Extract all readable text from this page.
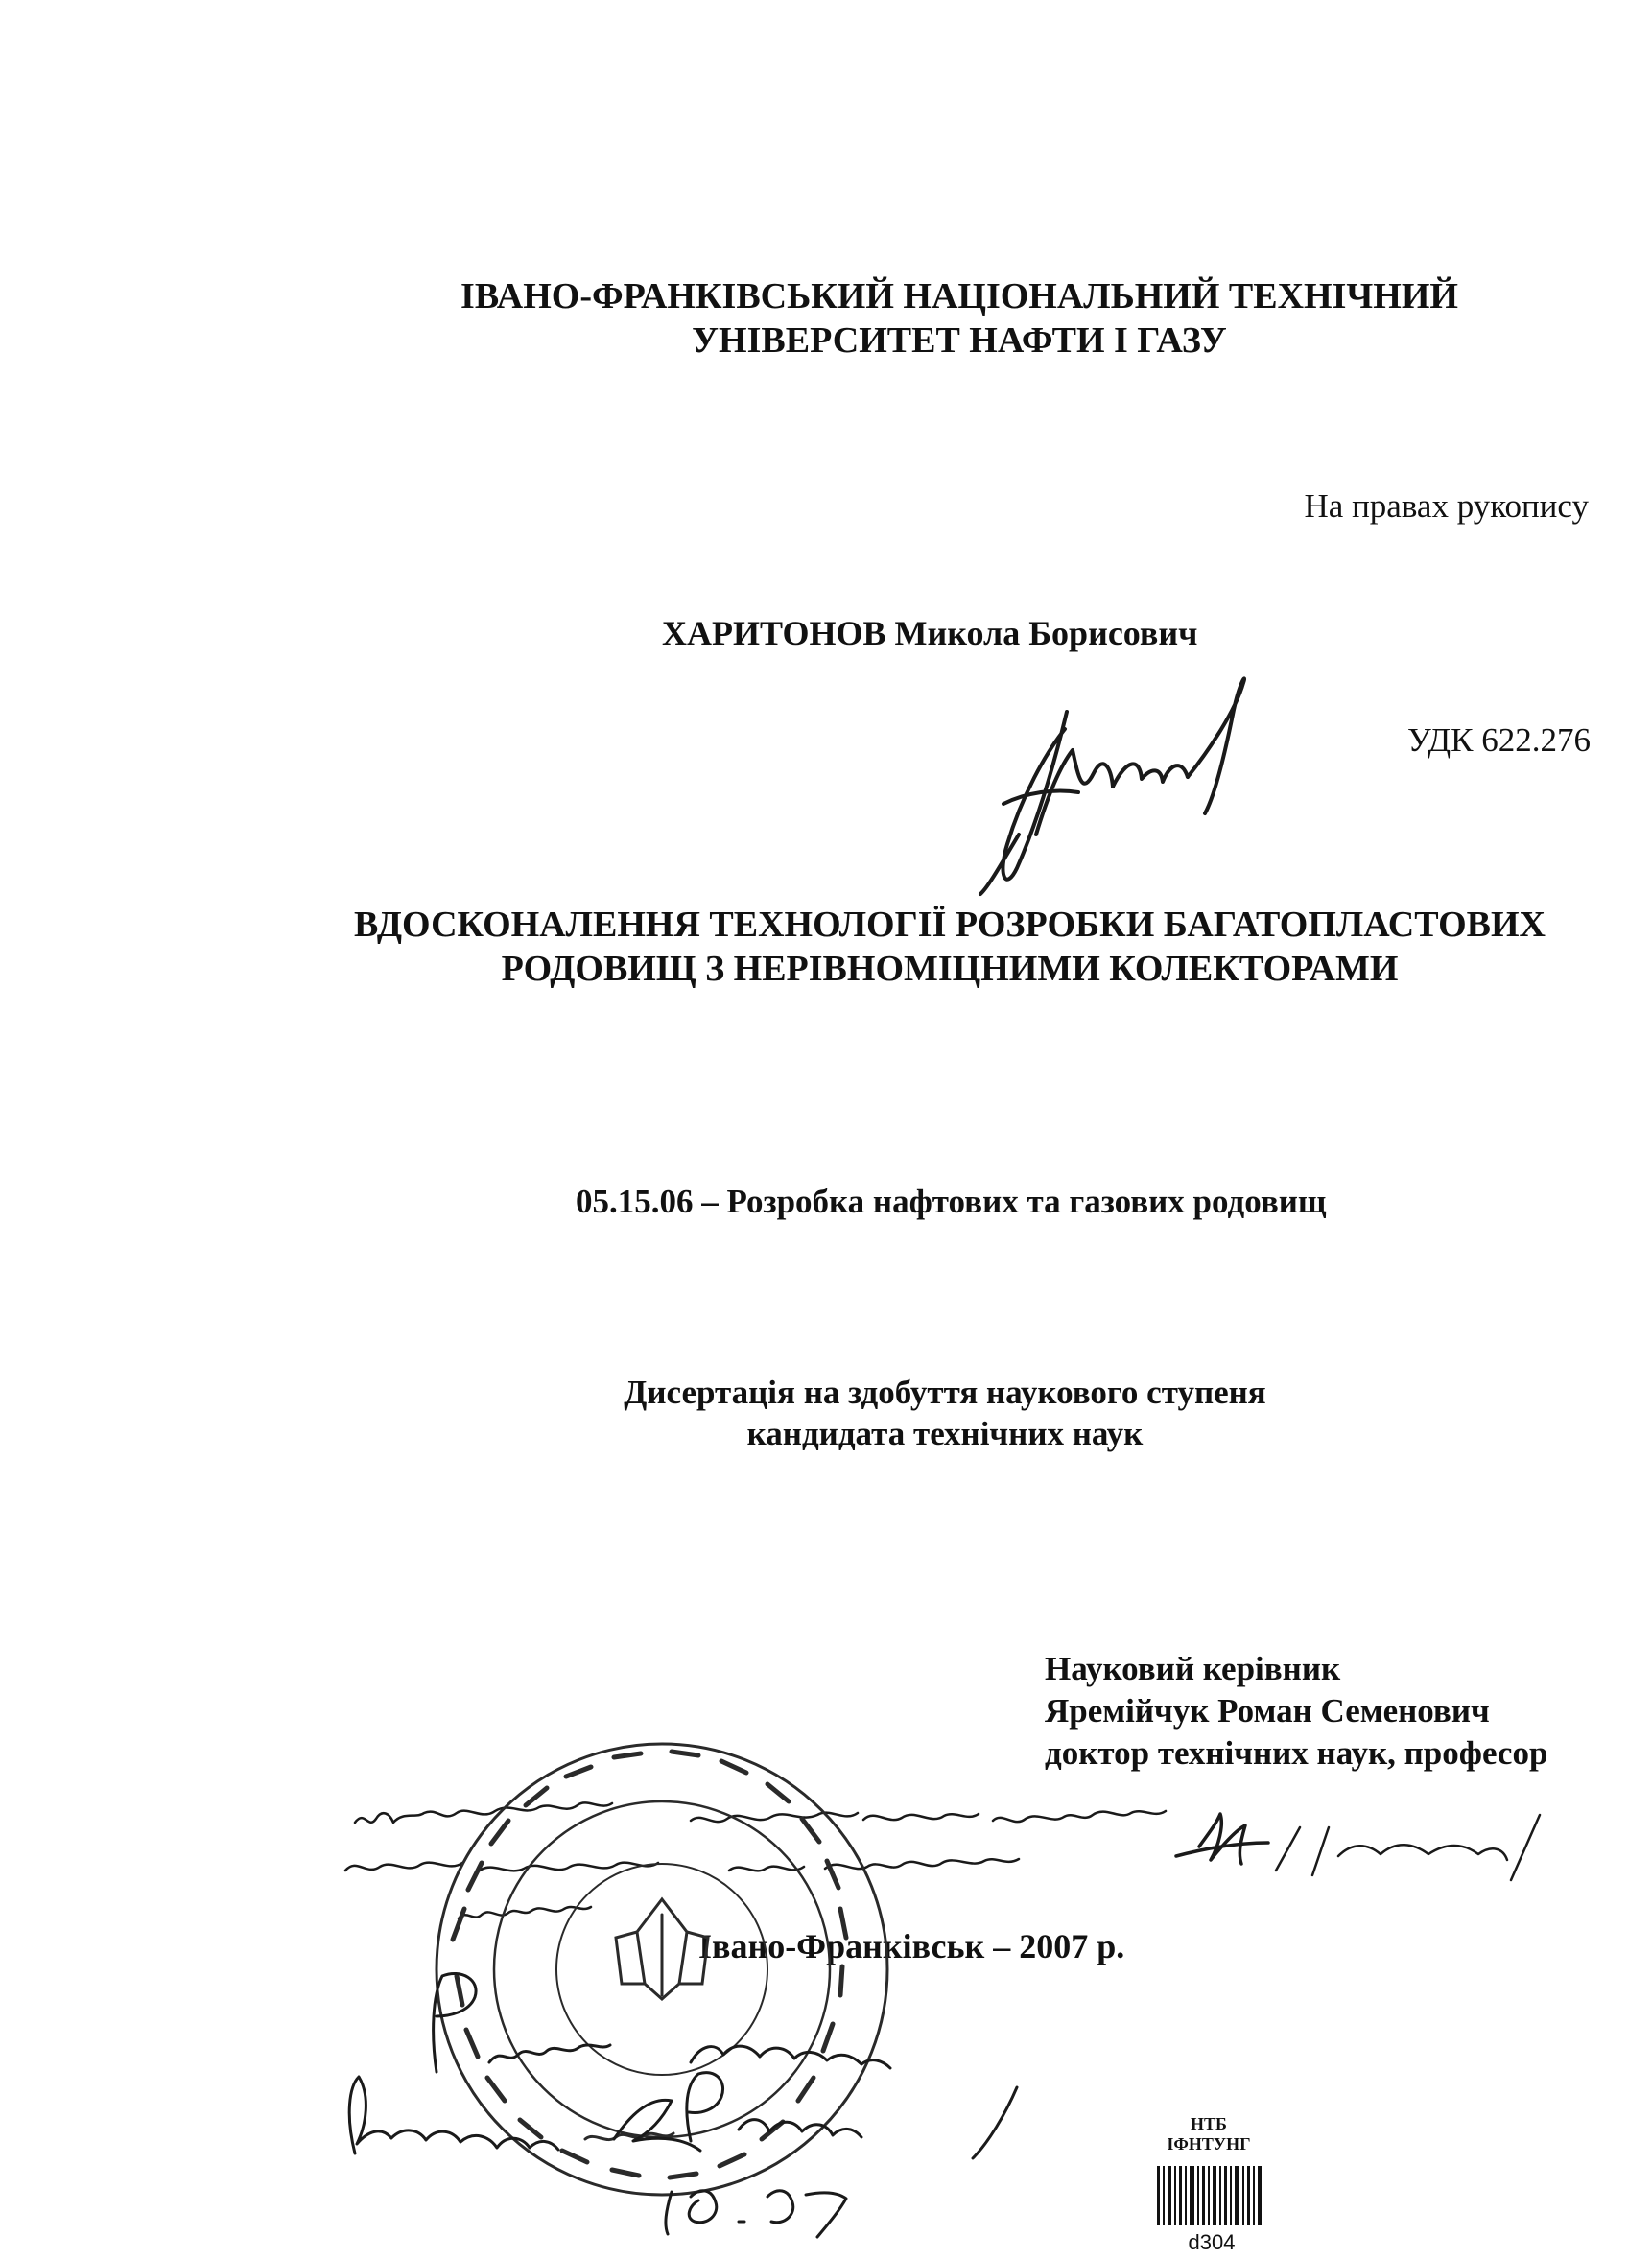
ІВАНО-ФРАНКІВСЬКИЙ НАЦІОНАЛЬНИЙ ТЕХНІЧНИЙ
УНІВЕРСИТЕТ НАФТИ І ГАЗУ
На правах рукопису
ХАРИТОНОВ Микола Борисович
УДК 622.276
ВДОСКОНАЛЕННЯ ТЕХНОЛОГІЇ РОЗРОБКИ БАГАТОПЛАСТОВИХ
РОДОВИЩ З НЕРІВНОМІЦНИМИ КОЛЕКТОРАМИ
05.15.06 – Розробка нафтових та газових родовищ
Дисертація на здобуття наукового ступеня
кандидата технічних наук
Науковий керівник
Яремійчук Роман Семенович
доктор технічних наук, професор
Івано-Франківськ – 2007 р.
НТБ
ІФНТУНГ
d304
